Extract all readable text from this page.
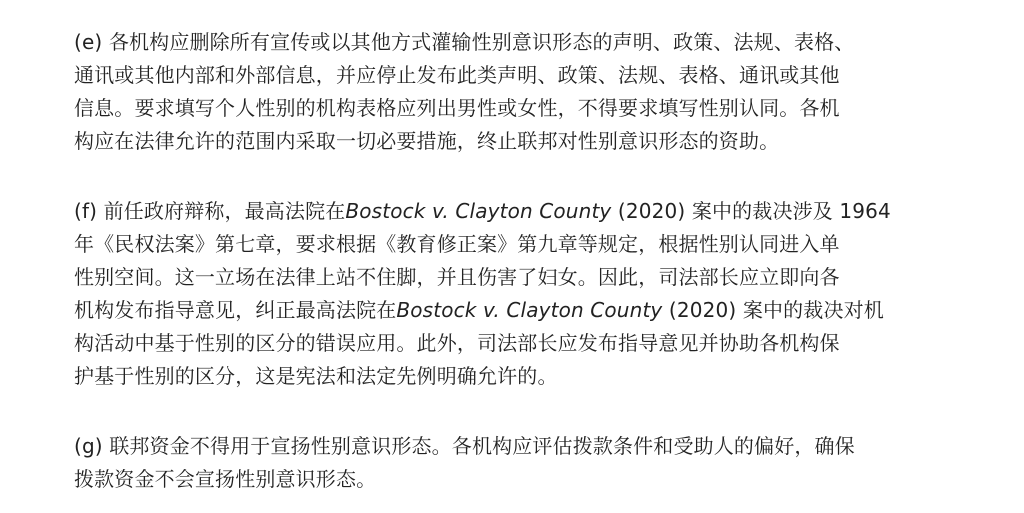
(e) 各机构应删除所有宣传或以其他方式灌输性别意识形态的声明、政策、法规、表格、
通讯或其他内部和外部信息，并应停止发布此类声明、政策、法规、表格、通讯或其他
信息。要求填写个人性别的机构表格应列出男性或女性，不得要求填写性别认同。各机
构应在法律允许的范围内采取一切必要措施，终止联邦对性别意识形态的资助。

(f) 前任政府辩称，最高法院在Bostock v. Clayton County (2020) 案中的裁决涉及 1964
年《民权法案》第七章，要求根据《教育修正案》第九章等规定，根据性别认同进入单
性别空间。这一立场在法律上站不住脚，并且伤害了妇女。因此，司法部长应立即向各
机构发布指导意见，纠正最高法院在Bostock v. Clayton County (2020) 案中的裁决对机
构活动中基于性别的区分的错误应用。此外，司法部长应发布指导意见并协助各机构保
护基于性别的区分，这是宪法和法定先例明确允许的。

(g) 联邦资金不得用于宣扬性别意识形态。各机构应评估拨款条件和受助人的偏好，确保
拨款资金不会宣扬性别意识形态。
